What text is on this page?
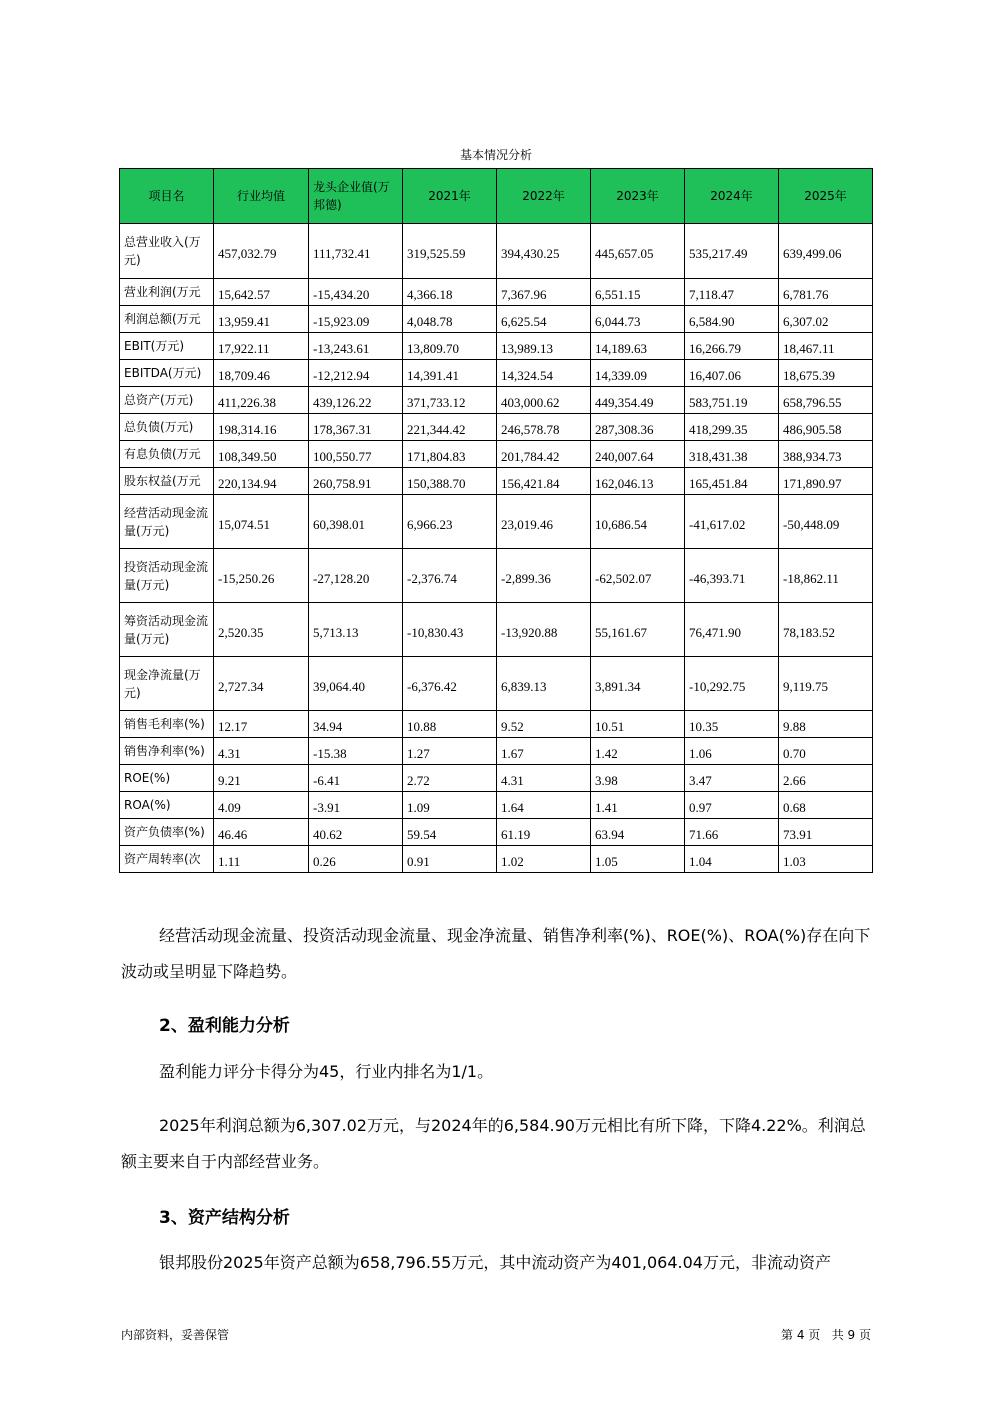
基本情况分析
项目名	行业均值	龙头企业值(万邦德)	2021年	2022年	2023年	2024年	2025年
总营业收入(万元)	457,032.79	111,732.41	319,525.59	394,430.25	445,657.05	535,217.49	639,499.06
营业利润(万元	15,642.57	-15,434.20	4,366.18	7,367.96	6,551.15	7,118.47	6,781.76
利润总额(万元	13,959.41	-15,923.09	4,048.78	6,625.54	6,044.73	6,584.90	6,307.02
EBIT(万元)	17,922.11	-13,243.61	13,809.70	13,989.13	14,189.63	16,266.79	18,467.11
EBITDA(万元)	18,709.46	-12,212.94	14,391.41	14,324.54	14,339.09	16,407.06	18,675.39
总资产(万元)	411,226.38	439,126.22	371,733.12	403,000.62	449,354.49	583,751.19	658,796.55
总负债(万元)	198,314.16	178,367.31	221,344.42	246,578.78	287,308.36	418,299.35	486,905.58
有息负债(万元	108,349.50	100,550.77	171,804.83	201,784.42	240,007.64	318,431.38	388,934.73
股东权益(万元	220,134.94	260,758.91	150,388.70	156,421.84	162,046.13	165,451.84	171,890.97
经营活动现金流量(万元)	15,074.51	60,398.01	6,966.23	23,019.46	10,686.54	-41,617.02	-50,448.09
投资活动现金流量(万元)	-15,250.26	-27,128.20	-2,376.74	-2,899.36	-62,502.07	-46,393.71	-18,862.11
筹资活动现金流量(万元)	2,520.35	5,713.13	-10,830.43	-13,920.88	55,161.67	76,471.90	78,183.52
现金净流量(万元)	2,727.34	39,064.40	-6,376.42	6,839.13	3,891.34	-10,292.75	9,119.75
销售毛利率(%)	12.17	34.94	10.88	9.52	10.51	10.35	9.88
销售净利率(%)	4.31	-15.38	1.27	1.67	1.42	1.06	0.70
ROE(%)	9.21	-6.41	2.72	4.31	3.98	3.47	2.66
ROA(%)	4.09	-3.91	1.09	1.64	1.41	0.97	0.68
资产负债率(%)	46.46	40.62	59.54	61.19	63.94	71.66	73.91
资产周转率(次	1.11	0.26	0.91	1.02	1.05	1.04	1.03
经营活动现金流量、投资活动现金流量、现金净流量、销售净利率(%)、ROE(%)、ROA(%)存在向下波动或呈明显下降趋势。
2、盈利能力分析
盈利能力评分卡得分为45，行业内排名为1/1。
2025年利润总额为6,307.02万元，与2024年的6,584.90万元相比有所下降，下降4.22%。利润总额主要来自于内部经营业务。
3、资产结构分析
银邦股份2025年资产总额为658,796.55万元，其中流动资产为401,064.04万元，非流动资产
内部资料，妥善保管	第 4 页   共 9 页
